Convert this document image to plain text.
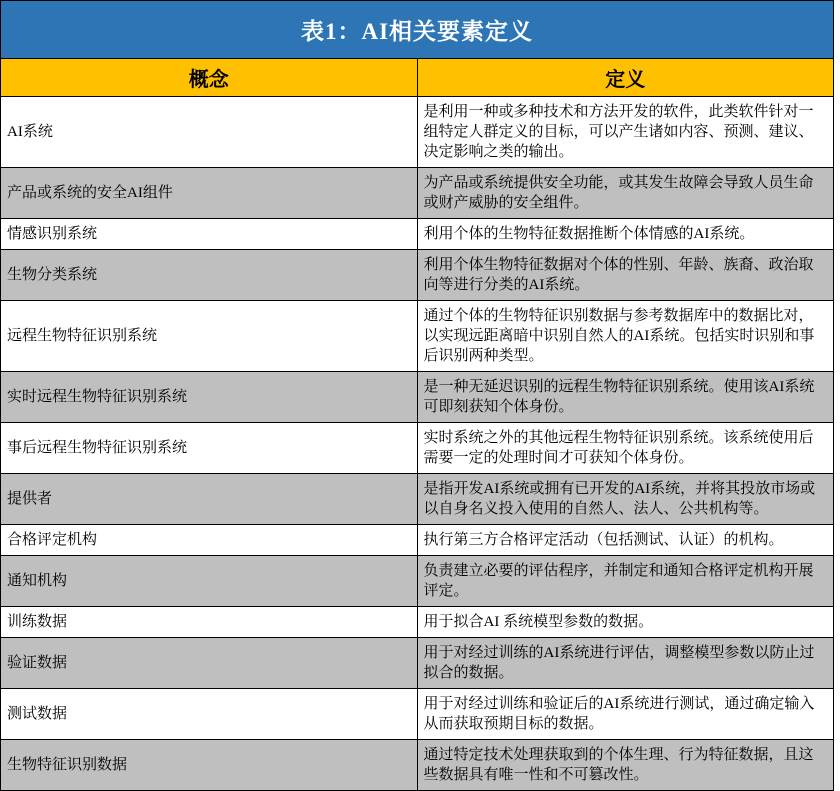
表1：AI相关要素定义	
概念	定义
AI系统	是利用一种或多种技术和方法开发的软件，此类软件针对一组特定人群定义的目标，可以产生诸如内容、预测、建议、决定影响之类的输出。
产品或系统的安全AI组件	为产品或系统提供安全功能，或其发生故障会导致人员生命或财产威胁的安全组件。
情感识别系统	利用个体的生物特征数据推断个体情感的AI系统。
生物分类系统	利用个体生物特征数据对个体的性别、年龄、族裔、政治取向等进行分类的AI系统。
远程生物特征识别系统	通过个体的生物特征识别数据与参考数据库中的数据比对，以实现远距离暗中识别自然人的AI系统。包括实时识别和事后识别两种类型。
实时远程生物特征识别系统	是一种无延迟识别的远程生物特征识别系统。使用该AI系统可即刻获知个体身份。
事后远程生物特征识别系统	实时系统之外的其他远程生物特征识别系统。该系统使用后需要一定的处理时间才可获知个体身份。
提供者	是指开发AI系统或拥有已开发的AI系统，并将其投放市场或以自身名义投入使用的自然人、法人、公共机构等。
合格评定机构	执行第三方合格评定活动（包括测试、认证）的机构。
通知机构	负责建立必要的评估程序，并制定和通知合格评定机构开展评定。
训练数据	用于拟合AI 系统模型参数的数据。
验证数据	用于对经过训练的AI系统进行评估，调整模型参数以防止过拟合的数据。
测试数据	用于对经过训练和验证后的AI系统进行测试，通过确定输入从而获取预期目标的数据。
生物特征识别数据	通过特定技术处理获取到的个体生理、行为特征数据，且这些数据具有唯一性和不可篡改性。
